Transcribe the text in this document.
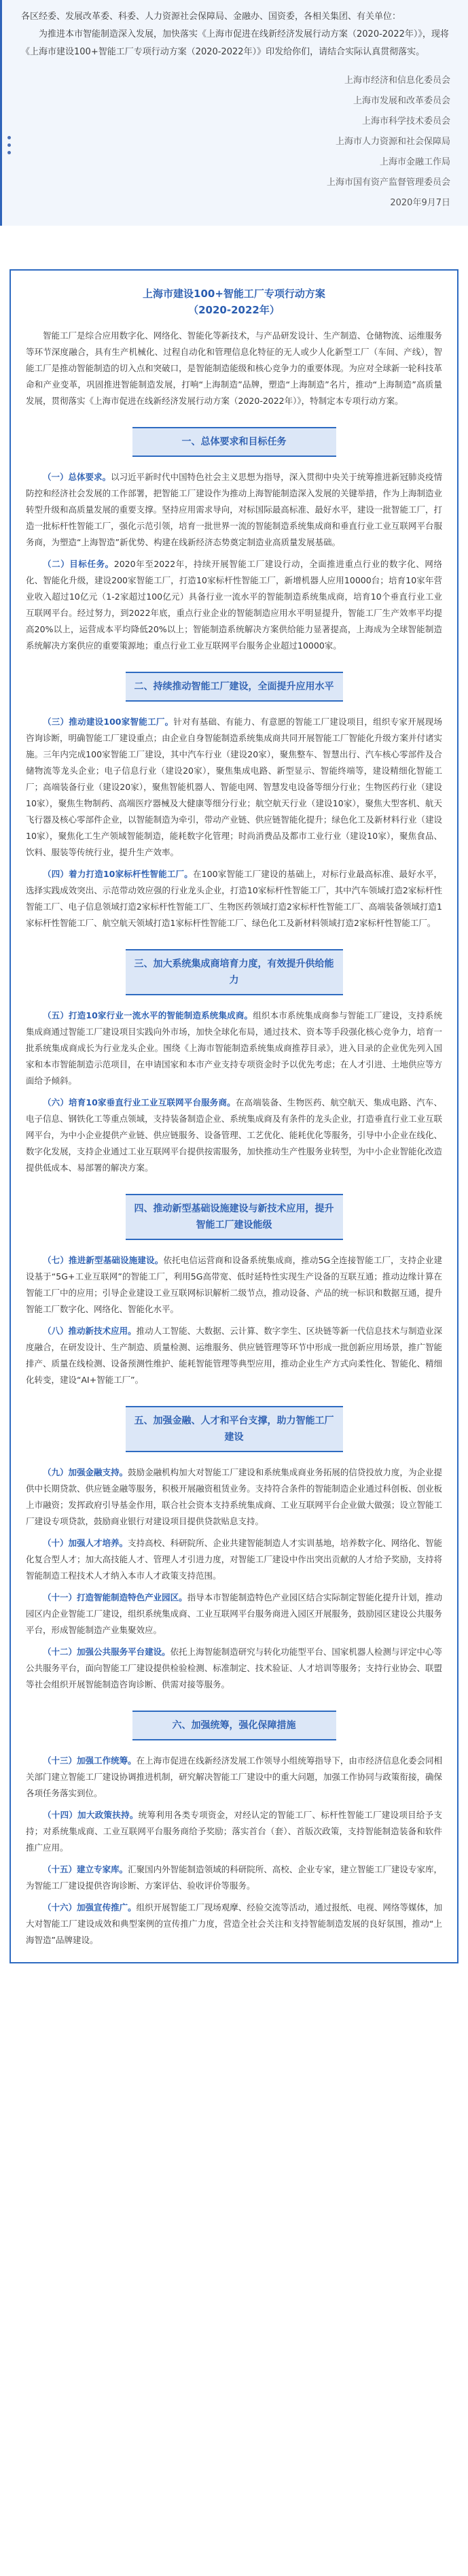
各区经委、发展改革委、科委、人力资源社会保障局、金融办、国资委，各相关集团、有关单位：

为推进本市智能制造深入发展，加快落实《上海市促进在线新经济发展行动方案（2020-2022年）》，现将《上海市建设100+智能工厂专项行动方案（2020-2022年）》印发给你们，请结合实际认真贯彻落实。

上海市经济和信息化委员会
上海市发展和改革委员会
上海市科学技术委员会
上海市人力资源和社会保障局
上海市金融工作局
上海市国有资产监督管理委员会
2020年9月7日
上海市建设100+智能工厂专项行动方案
（2020-2022年）

智能工厂是综合应用数字化、网络化、智能化等新技术，与产品研发设计、生产制造、仓储物流、运维服务等环节深度融合，具有生产机械化、过程自动化和管理信息化特征的无人或少人化新型工厂（车间、产线），智能工厂是推动智能制造的切入点和突破口，是智能制造能级和核心竞争力的重要体现。为应对全球新一轮科技革命和产业变革，巩固推进智能制造发展，打响“上海制造”品牌，塑造“上海制造”名片，推动“上海制造”高质量发展，贯彻落实《上海市促进在线新经济发展行动方案（2020-2022年）》，特制定本专项行动方案。

一、总体要求和目标任务

（一）总体要求。以习近平新时代中国特色社会主义思想为指导，深入贯彻中央关于统筹推进新冠肺炎疫情防控和经济社会发展的工作部署，把智能工厂建设作为推动上海智能制造深入发展的关键举措，作为上海制造业转型升级和高质量发展的重要支撑。坚持应用需求导向，对标国际最高标准、最好水平，建设一批智能工厂，打造一批标杆性智能工厂，强化示范引领，培育一批世界一流的智能制造系统集成商和垂直行业工业互联网平台服务商，为塑造“上海智造”新优势、构建在线新经济态势奠定制造业高质量发展基础。

（二）目标任务。2020年至2022年，持续开展智能工厂建设行动，全面推进重点行业的数字化、网络化、智能化升级，建设200家智能工厂，打造10家标杆性智能工厂，新增机器人应用10000台；培育10家年营业收入超过10亿元（1-2家超过100亿元）具备行业一流水平的智能制造系统集成商，培育10个垂直行业工业互联网平台。经过努力，到2022年底，重点行业企业的智能制造应用水平明显提升，智能工厂生产效率平均提高20%以上，运营成本平均降低20%以上；智能制造系统解决方案供给能力显著提高，上海成为全球智能制造系统解决方案供应的重要策源地；重点行业工业互联网平台服务企业超过10000家。

二、持续推动智能工厂建设，全面提升应用水平

（三）推动建设100家智能工厂。针对有基础、有能力、有意愿的智能工厂建设项目，组织专家开展现场咨询诊断，明确智能工厂建设重点；由企业自身智能制造系统集成商共同开展智能工厂智能化升级方案并付诸实施。三年内完成100家智能工厂建设，其中汽车行业（建设20家），聚焦整车、智慧出行、汽车核心零部件及合储物流等龙头企业；电子信息行业（建设20家），聚焦集成电路、新型显示、智能终端等，建设精细化智能工厂；高端装备行业（建设20家），聚焦智能机器人、智能电网、智慧发电设备等细分行业；生物医药行业（建设10家），聚焦生物制药、高端医疗器械及大健康等细分行业；航空航天行业（建设10家），聚焦大型客机、航天飞行器及核心零部件企业，以智能制造为牵引，带动产业链、供应链智能化提升；绿色化工及新材料行业（建设10家），聚焦化工生产领域智能制造，能耗数字化管理；时尚消费品及都市工业行业（建设10家），聚焦食品、饮料、服装等传统行业，提升生产效率。

（四）着力打造10家标杆性智能工厂。在100家智能工厂建设的基础上，对标行业最高标准、最好水平，选择实践成效突出、示范带动效应强的行业龙头企业，打造10家标杆性智能工厂，其中汽车领域打造2家标杆性智能工厂、电子信息领域打造2家标杆性智能工厂、生物医药领域打造2家标杆性智能工厂、高端装备领域打造1家标杆性智能工厂、航空航天领域打造1家标杆性智能工厂、绿色化工及新材料领域打造2家标杆性智能工厂。

三、加大系统集成商培育力度，有效提升供给能力

（五）打造10家行业一流水平的智能制造系统集成商。组织本市系统集成商参与智能工厂建设，支持系统集成商通过智能工厂建设项目实践向外市场，加快全球化布局，通过技术、资本等手段强化核心竞争力，培育一批系统集成商成长为行业龙头企业。围绕《上海市智能制造系统集成商推荐目录》，进入目录的企业优先列入国家和本市智能制造示范项目，在申请国家和本市产业支持专项资金时予以优先考虑；在人才引进、土地供应等方面给予倾斜。

（六）培育10家垂直行业工业互联网平台服务商。在高端装备、生物医药、航空航天、集成电路、汽车、电子信息、钢铁化工等重点领域，支持装备制造企业、系统集成商及有条件的龙头企业，打造垂直行业工业互联网平台，为中小企业提供产业链、供应链服务、设备管理、工艺优化、能耗优化等服务，引导中小企业在线化、数字化发展，支持企业通过工业互联网平台提供按需服务，加快推动生产性服务业转型，为中小企业智能化改造提供低成本、易部署的解决方案。

四、推动新型基础设施建设与新技术应用，提升智能工厂建设能级

（七）推进新型基础设施建设。依托电信运营商和设备系统集成商，推动5G全连接智能工厂，支持企业建设基于“5G+工业互联网”的智能工厂，利用5G高带宽、低时延特性实现生产设备的互联互通；推动边缘计算在智能工厂中的应用；引导企业建设工业互联网标识解析二级节点，推动设备、产品的统一标识和数据互通，提升智能工厂数字化、网络化、智能化水平。

（八）推动新技术应用。推动人工智能、大数据、云计算、数字孪生、区块链等新一代信息技术与制造业深度融合，在研发设计、生产制造、质量检测、运维服务、供应链管理等环节中形成一批创新应用场景，推广智能排产、质量在线检测、设备预测性维护、能耗智能管理等典型应用，推动企业生产方式向柔性化、智能化、精细化转变，建设“AI+智能工厂”。

五、加强金融、人才和平台支撑，助力智能工厂建设

（九）加强金融支持。鼓励金融机构加大对智能工厂建设和系统集成商业务拓展的信贷投放力度，为企业提供中长期贷款、供应链金融等服务，积极开展融资租赁业务。支持符合条件的智能制造企业通过科创板、创业板上市融资；发挥政府引导基金作用，联合社会资本支持系统集成商、工业互联网平台企业做大做强；设立智能工厂建设专项贷款，鼓励商业银行对建设项目提供贷款贴息支持。

（十）加强人才培养。支持高校、科研院所、企业共建智能制造人才实训基地，培养数字化、网络化、智能化复合型人才；加大高技能人才、管理人才引进力度，对智能工厂建设中作出突出贡献的人才给予奖励，支持将智能制造工程技术人才纳入本市人才政策支持范围。

（十一）打造智能制造特色产业园区。指导本市智能制造特色产业园区结合实际制定智能化提升计划，推动园区内企业智能工厂建设，组织系统集成商、工业互联网平台服务商进入园区开展服务，鼓励园区建设公共服务平台，形成智能制造产业集聚效应。

（十二）加强公共服务平台建设。依托上海智能制造研究与转化功能型平台、国家机器人检测与评定中心等公共服务平台，面向智能工厂建设提供检验检测、标准制定、技术验证、人才培训等服务；支持行业协会、联盟等社会组织开展智能制造咨询诊断、供需对接等服务。

六、加强统筹，强化保障措施

（十三）加强工作统筹。在上海市促进在线新经济发展工作领导小组统筹指导下，由市经济信息化委会同相关部门建立智能工厂建设协调推进机制，研究解决智能工厂建设中的重大问题，加强工作协同与政策衔接，确保各项任务落实到位。

（十四）加大政策扶持。统筹利用各类专项资金，对经认定的智能工厂、标杆性智能工厂建设项目给予支持；对系统集成商、工业互联网平台服务商给予奖励；落实首台（套）、首版次政策，支持智能制造装备和软件推广应用。

（十五）建立专家库。汇聚国内外智能制造领域的科研院所、高校、企业专家，建立智能工厂建设专家库，为智能工厂建设提供咨询诊断、方案评估、验收评价等服务。

（十六）加强宣传推广。组织开展智能工厂现场观摩、经验交流等活动，通过报纸、电视、网络等媒体，加大对智能工厂建设成效和典型案例的宣传推广力度，营造全社会关注和支持智能制造发展的良好氛围，推动“上海智造”品牌建设。
